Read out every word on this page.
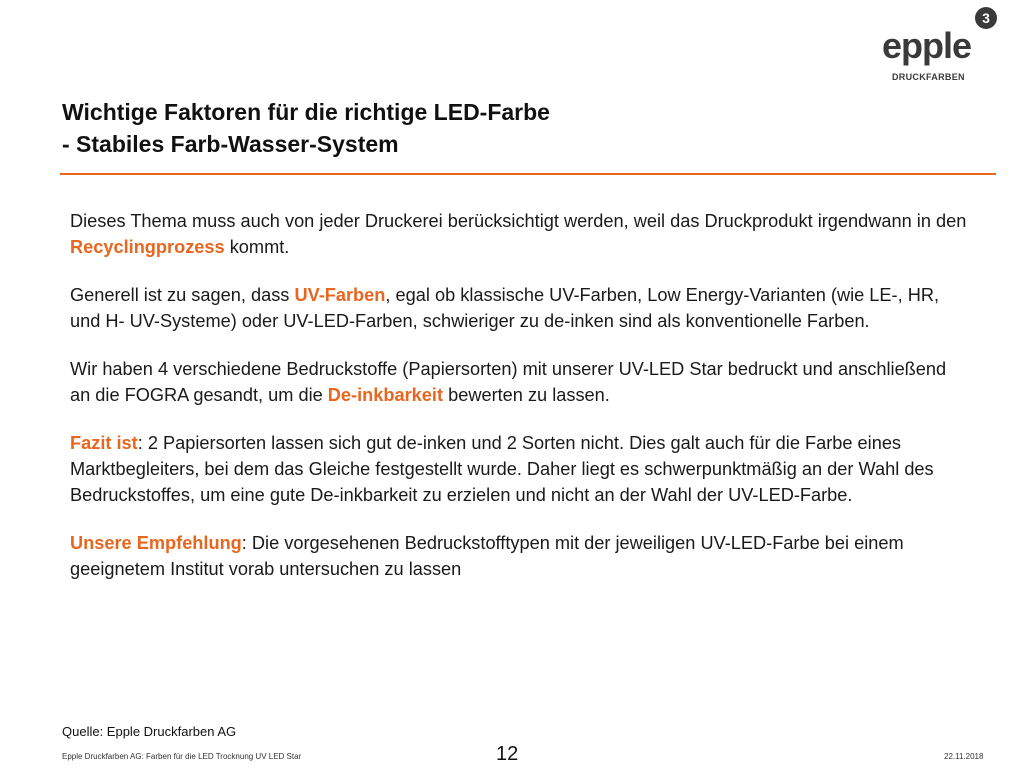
3
epple
DRUCKFARBEN
Wichtige Faktoren für die richtige LED-Farbe
- Stabiles Farb-Wasser-System

Dieses Thema muss auch von jeder Druckerei berücksichtigt werden, weil das Druckprodukt irgendwann in den Recyclingprozess kommt.

Generell ist zu sagen, dass UV-Farben, egal ob klassische UV-Farben, Low Energy-Varianten (wie LE-, HR, und H- UV-Systeme) oder UV-LED-Farben, schwieriger zu de-inken sind als konventionelle Farben.

Wir haben 4 verschiedene Bedruckstoffe (Papiersorten) mit unserer UV-LED Star bedruckt und anschließend an die FOGRA gesandt, um die De-inkbarkeit bewerten zu lassen.

Fazit ist: 2 Papiersorten lassen sich gut de-inken und 2 Sorten nicht. Dies galt auch für die Farbe eines Marktbegleiters, bei dem das Gleiche festgestellt wurde. Daher liegt es schwerpunktmäßig an der Wahl des Bedruckstoffes, um eine gute De-inkbarkeit zu erzielen und nicht an der Wahl der UV-LED-Farbe.

Unsere Empfehlung: Die vorgesehenen Bedruckstofftypen mit der jeweiligen UV-LED-Farbe bei einem geeignetem Institut vorab untersuchen zu lassen

Quelle: Epple Druckfarben AG
Epple Druckfarben AG: Farben für die LED Trocknung UV LED Star	12	22.11.2018
